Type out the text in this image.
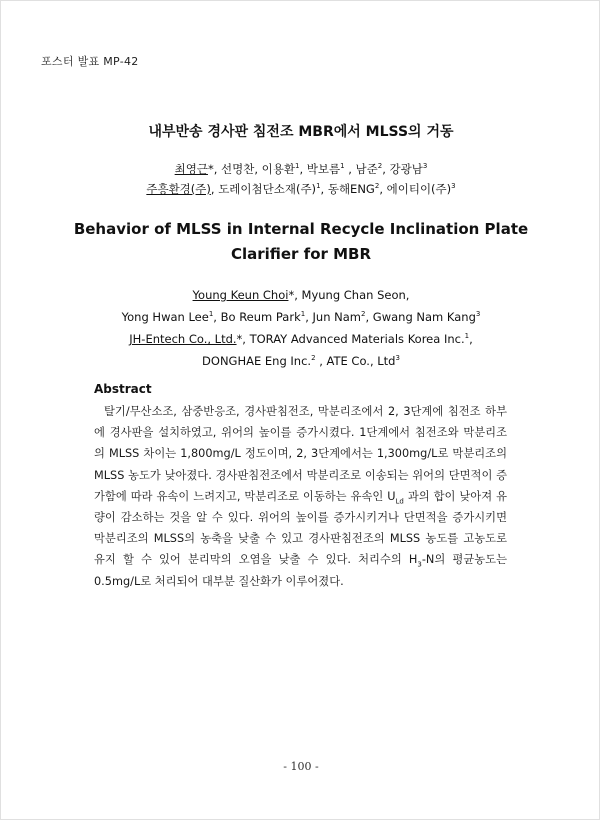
포스터 발표 MP-42
내부반송 경사판 침전조 MBR에서 MLSS의 거동
최영근*, 선명찬, 이용환$^1$, 박보름$^1$ , 남준$^2$, 강광남$^3$
주흥환경(주), 도레이첨단소재(주)$^1$, 동해ENG$^2$, 에이티이(주)$^3$
Behavior of MLSS in Internal Recycle Inclination Plate Clarifier for MBR
Young Keun Choi*, Myung Chan Seon,
Yong Hwan Lee$^1$, Bo Reum Park$^1$, Jun Nam$^2$, Gwang Nam Kang$^3$
JH-Entech Co., Ltd.*, TORAY Advanced Materials Korea Inc.$^1$,
DONGHAE Eng Inc.$^2$ , ATE Co., Ltd$^3$
Abstract
탈기/무산소조, 삼중반응조, 경사판침전조, 막분리조에서 2, 3단계에 침전조 하부에 경사판을 설치하였고, 위어의 높이를 증가시켰다. 1단계에서 침전조와 막분리조의 MLSS 차이는 1,800mg/L 정도이며, 2, 3단계에서는 1,300mg/L로 막분리조의 MLSS 농도가 낮아졌다. 경사판침전조에서 막분리조로 이송되는 위어의 단면적이 증가함에 따라 유속이 느려지고, 막분리조로 이동하는 유속인 $U_{Ld}$ 과의 합이 낮아져 유량이 감소하는 것을 알 수 있다. 위어의 높이를 증가시키거나 단면적을 증가시키면 막분리조의 MLSS의 농축을 낮출 수 있고 경사판침전조의 MLSS 농도를 고농도로 유지 할 수 있어 분리막의 오염을 낮출 수 있다. 처리수의 $H_3-N$의 평균농도는 0.5mg/L로 처리되어 대부분 질산화가 이루어졌다.
- 100 -
